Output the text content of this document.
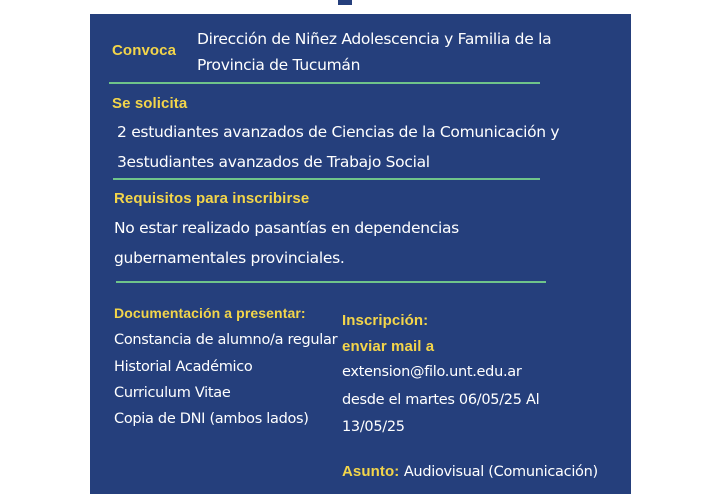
Convoca
Dirección de Niñez Adolescencia y Familia de la
Provincia de Tucumán
Se solicita
2 estudiantes avanzados de Ciencias de la Comunicación y
3estudiantes avanzados de Trabajo Social
Requisitos para inscribirse
No estar realizado pasantías en dependencias
gubernamentales provinciales.
Documentación a presentar:
Constancia de alumno/a regular
Historial Académico
Curriculum Vitae
Copia de DNI (ambos lados)
Inscripción:
enviar mail a
extension@filo.unt.edu.ar
desde el martes 06/05/25 Al
13/05/25
Asunto: Audiovisual (Comunicación)
